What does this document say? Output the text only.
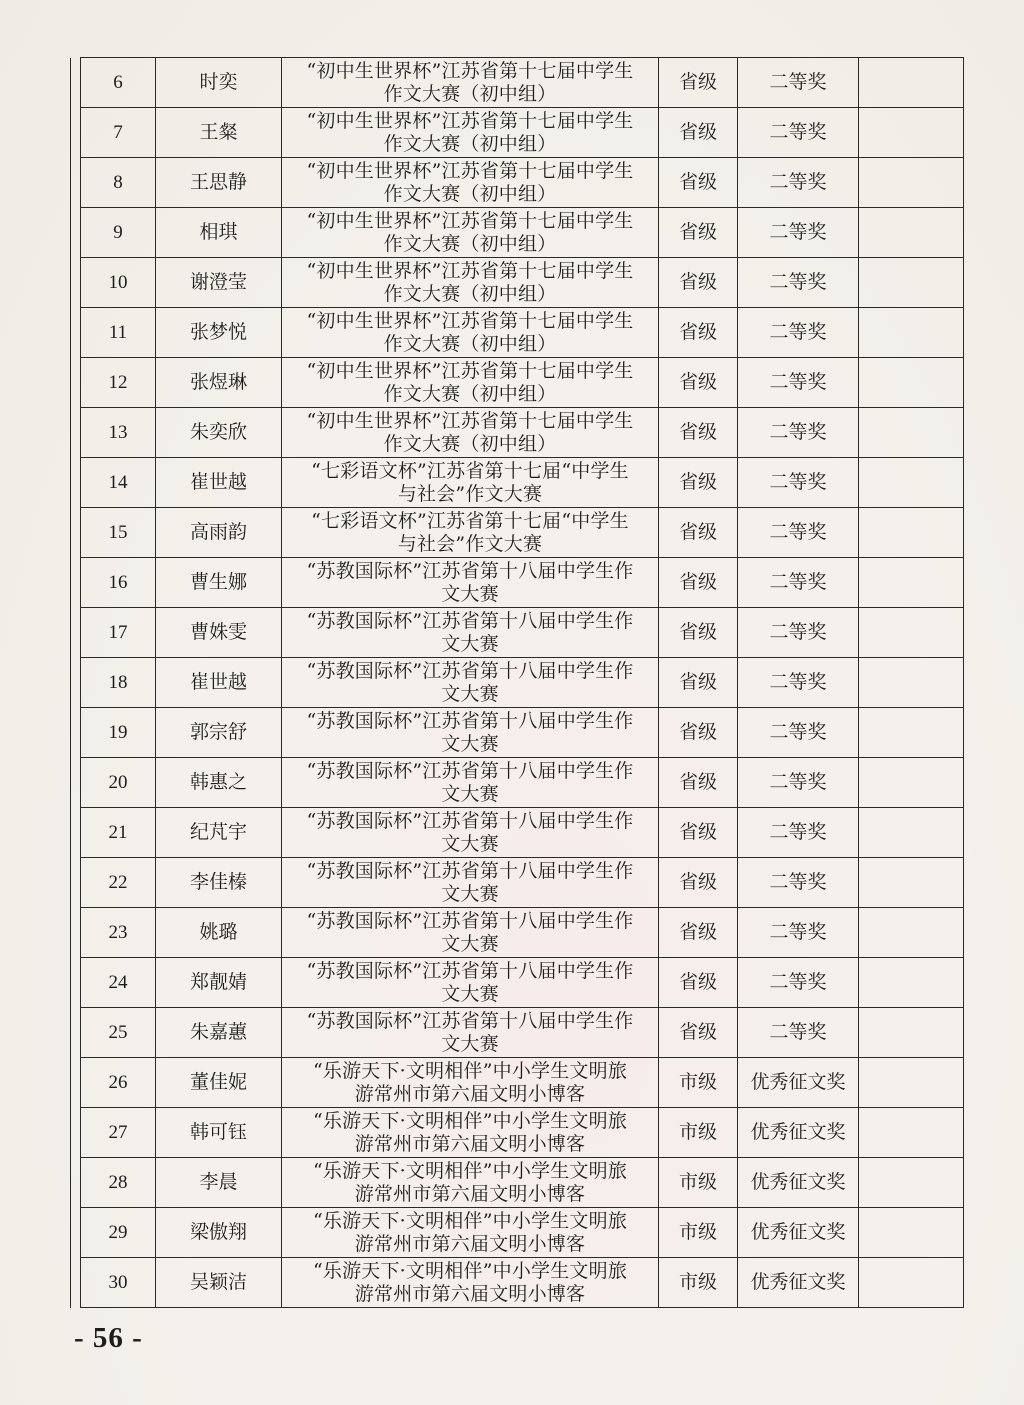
	6	时奕	“初中生世界杯”江苏省第十七届中学生
作文大赛（初中组）	省级	二等奖	
	7	王粲	“初中生世界杯”江苏省第十七届中学生
作文大赛（初中组）	省级	二等奖	
	8	王思静	“初中生世界杯”江苏省第十七届中学生
作文大赛（初中组）	省级	二等奖	
	9	相琪	“初中生世界杯”江苏省第十七届中学生
作文大赛（初中组）	省级	二等奖	
	10	谢澄莹	“初中生世界杯”江苏省第十七届中学生
作文大赛（初中组）	省级	二等奖	
	11	张梦悦	“初中生世界杯”江苏省第十七届中学生
作文大赛（初中组）	省级	二等奖	
	12	张煜琳	“初中生世界杯”江苏省第十七届中学生
作文大赛（初中组）	省级	二等奖	
	13	朱奕欣	“初中生世界杯”江苏省第十七届中学生
作文大赛（初中组）	省级	二等奖	
	14	崔世越	“七彩语文杯”江苏省第十七届“中学生
与社会”作文大赛	省级	二等奖	
	15	高雨韵	“七彩语文杯”江苏省第十七届“中学生
与社会”作文大赛	省级	二等奖	
	16	曹生娜	“苏教国际杯”江苏省第十八届中学生作
文大赛	省级	二等奖	
	17	曹姝雯	“苏教国际杯”江苏省第十八届中学生作
文大赛	省级	二等奖	
	18	崔世越	“苏教国际杯”江苏省第十八届中学生作
文大赛	省级	二等奖	
	19	郭宗舒	“苏教国际杯”江苏省第十八届中学生作
文大赛	省级	二等奖	
	20	韩惠之	“苏教国际杯”江苏省第十八届中学生作
文大赛	省级	二等奖	
	21	纪芃宇	“苏教国际杯”江苏省第十八届中学生作
文大赛	省级	二等奖	
	22	李佳榛	“苏教国际杯”江苏省第十八届中学生作
文大赛	省级	二等奖	
	23	姚璐	“苏教国际杯”江苏省第十八届中学生作
文大赛	省级	二等奖	
	24	郑靓婧	“苏教国际杯”江苏省第十八届中学生作
文大赛	省级	二等奖	
	25	朱嘉蕙	“苏教国际杯”江苏省第十八届中学生作
文大赛	省级	二等奖	
	26	董佳妮	“乐游天下·文明相伴”中小学生文明旅
游常州市第六届文明小博客	市级	优秀征文奖	
	27	韩可钰	“乐游天下·文明相伴”中小学生文明旅
游常州市第六届文明小博客	市级	优秀征文奖	
	28	李晨	“乐游天下·文明相伴”中小学生文明旅
游常州市第六届文明小博客	市级	优秀征文奖	
	29	梁傲翔	“乐游天下·文明相伴”中小学生文明旅
游常州市第六届文明小博客	市级	优秀征文奖	
	30	吴颖洁	“乐游天下·文明相伴”中小学生文明旅
游常州市第六届文明小博客	市级	优秀征文奖	
- 56 -
